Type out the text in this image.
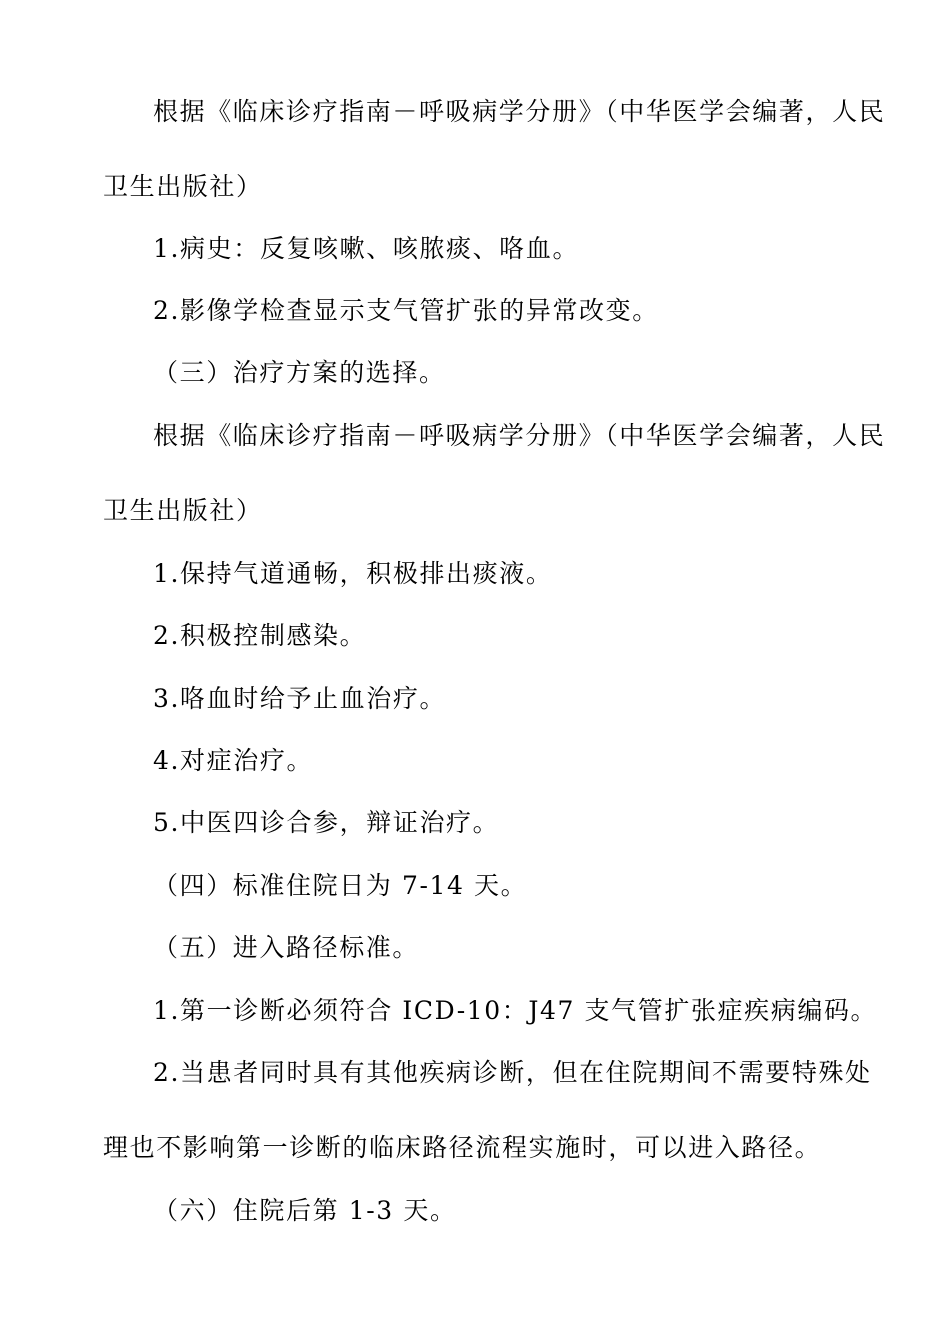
根据《临床诊疗指南－呼吸病学分册》（中华医学会编著，人民
卫生出版社）
1.病史：反复咳嗽、咳脓痰、咯血。
2.影像学检查显示支气管扩张的异常改变。
（三）治疗方案的选择。
根据《临床诊疗指南－呼吸病学分册》（中华医学会编著，人民
卫生出版社）
1.保持气道通畅，积极排出痰液。
2.积极控制感染。
3.咯血时给予止血治疗。
4.对症治疗。
5.中医四诊合参，辩证治疗。
（四）标准住院日为 7-14 天。
（五）进入路径标准。
1.第一诊断必须符合 ICD-10：J47 支气管扩张症疾病编码。
2.当患者同时具有其他疾病诊断，但在住院期间不需要特殊处
理也不影响第一诊断的临床路径流程实施时，可以进入路径。
（六）住院后第 1-3 天。
